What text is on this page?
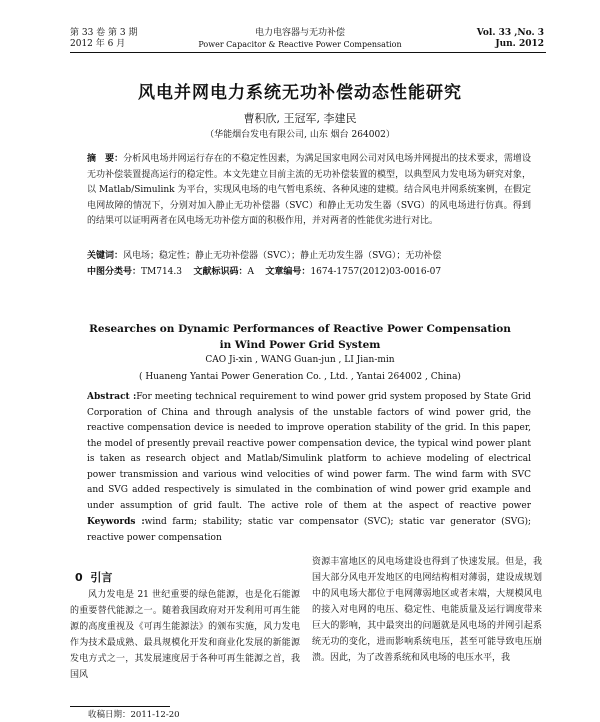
第 33 卷 第 3 期
2012 年 6 月
电力电容器与无功补偿
Power Capacitor & Reactive Power Compensation
Vol. 33 ,No. 3
Jun. 2012
风电并网电力系统无功补偿动态性能研究
曹积欣, 王冠军, 李建民
（华能烟台发电有限公司, 山东 烟台 264002）
摘　要：分析风电场并网运行存在的不稳定性因素，为满足国家电网公司对风电场并网提出的技术要求，需增设无功补偿装置提高运行的稳定性。本文先建立目前主流的无功补偿装置的模型，以典型风力发电场为研究对象，以 Matlab/Simulink 为平台，实现风电场的电气暂电系统、各种风速的建模。结合风电并网系统案例，在假定电网故障的情况下，分别对加入静止无功补偿器（SVC）和静止无功发生器（SVG）的风电场进行仿真。得到的结果可以证明两者在风电场无功补偿方面的积极作用，并对两者的性能优劣进行对比。
关键词：风电场；稳定性；静止无功补偿器（SVC）；静止无功发生器（SVG）；无功补偿
中图分类号：TM714.3 文献标识码：A 文章编号：1674-1757(2012)03-0016-07
Researches on Dynamic Performances of Reactive Power Compensation
in Wind Power Grid System
CAO Ji-xin , WANG Guan-jun , LI Jian-min
( Huaneng Yantai Power Generation Co. , Ltd. , Yantai 264002 , China)
Abstract :For meeting technical requirement to wind power grid system proposed by State Grid Corporation of China and through analysis of the unstable factors of wind power grid, the reactive compensation device is needed to improve operation stability of the grid. In this paper, the model of presently prevail reactive power compensation device, the typical wind power plant is taken as research object and Matlab/Simulink platform to achieve modeling of electrical power transmission and various wind velocities of wind power farm. The wind farm with SVC and SVG added respectively is simulated in the combination of wind power grid example and under assumption of grid fault. The active role of them at the aspect of reactive power
Keywords :wind farm; stability; static var compensator (SVC); static var generator (SVG); reactive power compensation
0 引言
风力发电是 21 世纪重要的绿色能源，也是化石能源的重要替代能源之一。随着我国政府对开发利用可再生能源的高度重视及《可再生能源法》的颁布实施，风力发电作为技术最成熟、最具规模化开发和商业化发展的新能源发电方式之一，其发展速度居于各种可再生能源之首，我国风
资源丰富地区的风电场建设也得到了快速发展。但是，我国大部分风电开发地区的电网结构相对薄弱，建设成规划中的风电场大都位于电网薄弱地区或者末端，大规模风电的接入对电网的电压、稳定性、电能质量及运行调度带来巨大的影响，其中最突出的问题就是风电场的并网引起系统无功的变化，进而影响系统电压，甚至可能导致电压崩溃。因此，为了改善系统和风电场的电压水平，我
收稿日期：2011-12-20
